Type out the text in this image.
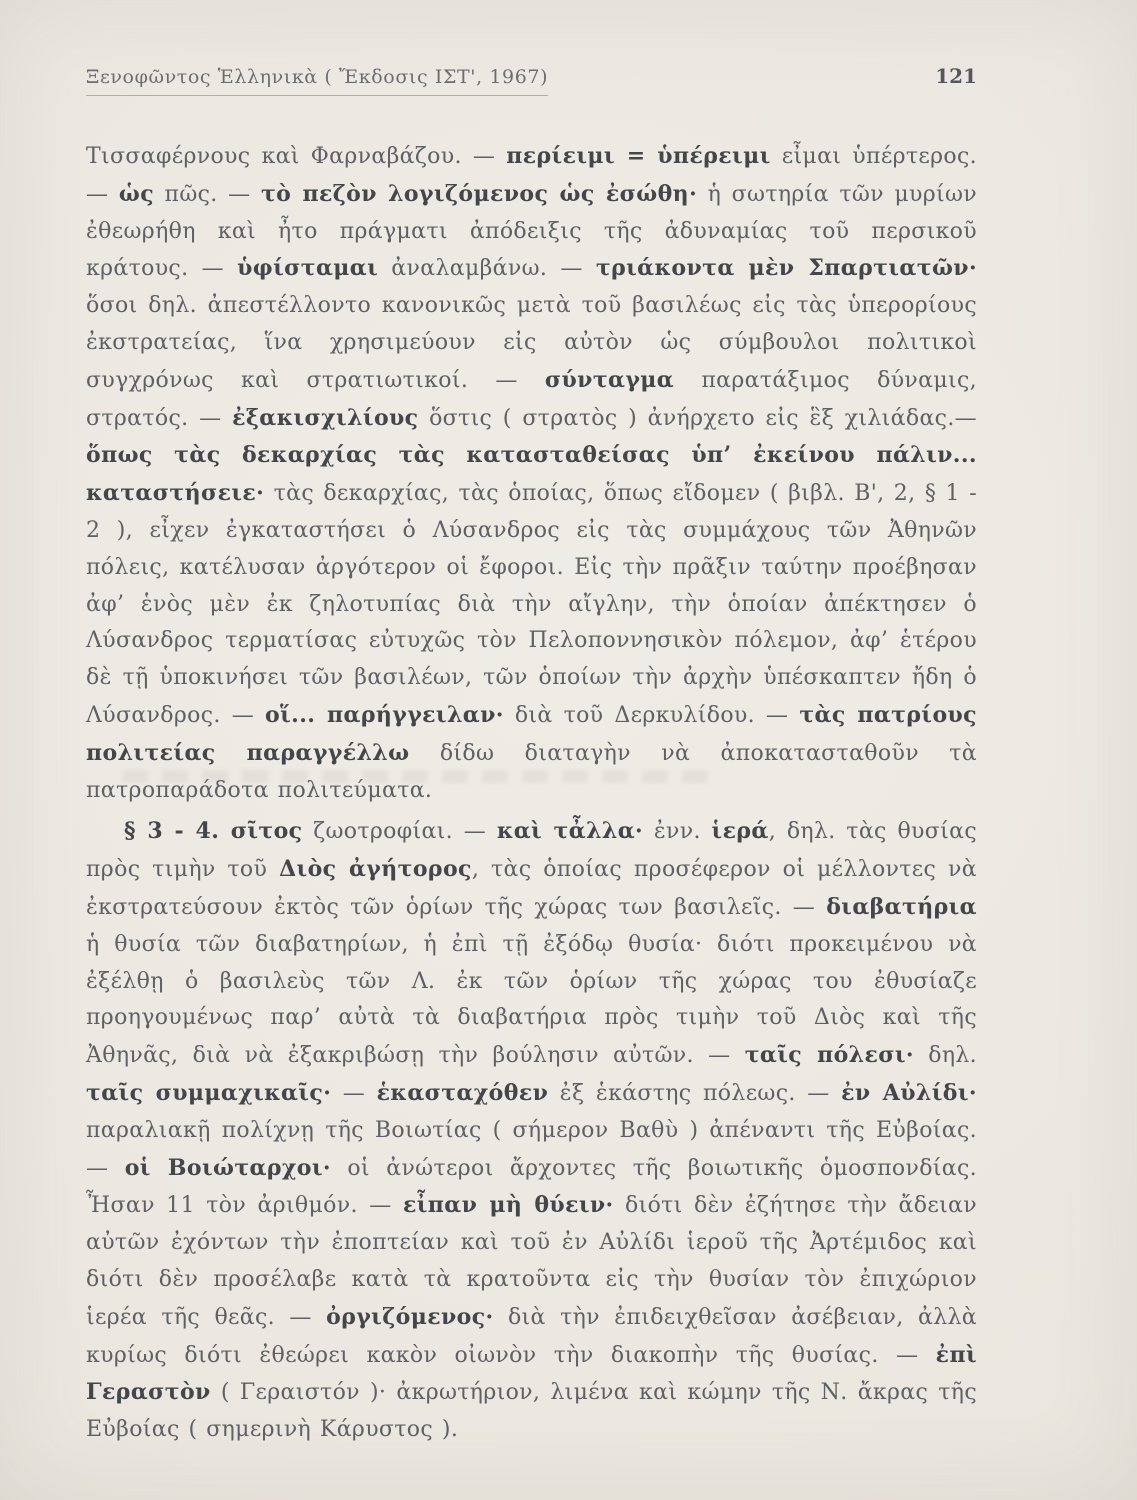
Ξενοφῶντος Ἑλληνικὰ ( Ἔκδοσις ΙΣΤ', 1967)	121

Τισσαφέρνους καὶ Φαρναβάζου. — περίειμι = ὑπέρειμι εἶμαι ὑπέρτερος. — ὡς πῶς. — τὸ πεζὸν λογιζόμενος ὡς ἐσώθη· ἡ σωτηρία τῶν μυρίων ἐθεωρήθη καὶ ἦτο πράγματι ἀπόδειξις τῆς ἀδυναμίας τοῦ περσικοῦ κράτους. — ὑφίσταμαι ἀναλαμβάνω. — τριάκοντα μὲν Σπαρτιατῶν· ὅσοι δηλ. ἀπεστέλλοντο κανονικῶς μετὰ τοῦ βασιλέως εἰς τὰς ὑπερορίους ἐκστρατείας, ἵνα χρησιμεύουν εἰς αὐτὸν ὡς σύμβουλοι πολιτικοὶ συγχρόνως καὶ στρατιωτικοί. — σύνταγμα παρατάξιμος δύναμις, στρατός. — ἐξακισχιλίους ὅστις ( στρατὸς ) ἀνήρχετο εἰς ἓξ χιλιάδας.— ὅπως τὰς δεκαρχίας τὰς κατασταθείσας ὑπ’ ἐκείνου πάλιν... καταστήσειε· τὰς δεκαρχίας, τὰς ὁποίας, ὅπως εἴδομεν ( βιβλ. Β', 2, § 1 - 2 ), εἶχεν ἐγκαταστήσει ὁ Λύσανδρος εἰς τὰς συμμάχους τῶν Ἀθηνῶν πόλεις, κατέλυσαν ἀργότερον οἱ ἔφοροι. Εἰς τὴν πρᾶξιν ταύτην προέβησαν ἀφ’ ἑνὸς μὲν ἐκ ζηλοτυπίας διὰ τὴν αἴγλην, τὴν ὁποίαν ἀπέκτησεν ὁ Λύσανδρος τερματίσας εὐτυχῶς τὸν Πελοποννησικὸν πόλεμον, ἀφ’ ἑτέρου δὲ τῇ ὑποκινήσει τῶν βασιλέων, τῶν ὁποίων τὴν ἀρχὴν ὑπέσκαπτεν ἤδη ὁ Λύσανδρος. — οἵ... παρήγγειλαν· διὰ τοῦ Δερκυλίδου. — τὰς πατρίους πολιτείας παραγγέλλω δίδω διαταγὴν νὰ ἀποκατασταθοῦν τὰ πατροπαράδοτα πολιτεύματα.

§ 3 - 4. σῖτος ζωοτροφίαι. — καὶ τἆλλα· ἐνν. ἱερά, δηλ. τὰς θυσίας πρὸς τιμὴν τοῦ Διὸς ἀγήτορος, τὰς ὁποίας προσέφερον οἱ μέλλοντες νὰ ἐκστρατεύσουν ἐκτὸς τῶν ὁρίων τῆς χώρας των βασιλεῖς. — διαβατήρια ἡ θυσία τῶν διαβατηρίων, ἡ ἐπὶ τῇ ἐξόδῳ θυσία· διότι προκειμένου νὰ ἐξέλθῃ ὁ βασιλεὺς τῶν Λ. ἐκ τῶν ὁρίων τῆς χώρας του ἐθυσίαζε προηγουμένως παρ’ αὐτὰ τὰ διαβατήρια πρὸς τιμὴν τοῦ Διὸς καὶ τῆς Ἀθηνᾶς, διὰ νὰ ἐξακριβώσῃ τὴν βούλησιν αὐτῶν. — ταῖς πόλεσι· δηλ. ταῖς συμμαχικαῖς· — ἑκασταχόθεν ἐξ ἑκάστης πόλεως. — ἐν Αὐλίδι· παραλιακῇ πολίχνῃ τῆς Βοιωτίας ( σήμερον Βαθὺ ) ἀπέναντι τῆς Εὐβοίας. — οἱ Βοιώταρχοι· οἱ ἀνώτεροι ἄρχοντες τῆς βοιωτικῆς ὁμοσπονδίας. Ἦσαν 11 τὸν ἀριθμόν. — εἶπαν μὴ θύειν· διότι δὲν ἐζήτησε τὴν ἄδειαν αὐτῶν ἐχόντων τὴν ἐποπτείαν καὶ τοῦ ἐν Αὐλίδι ἱεροῦ τῆς Ἀρτέμιδος καὶ διότι δὲν προσέλαβε κατὰ τὰ κρατοῦντα εἰς τὴν θυσίαν τὸν ἐπιχώριον ἱερέα τῆς θεᾶς. — ὀργιζόμενος· διὰ τὴν ἐπιδειχθεῖσαν ἀσέβειαν, ἀλλὰ κυρίως διότι ἐθεώρει κακὸν οἰωνὸν τὴν διακοπὴν τῆς θυσίας. — ἐπὶ Γεραστὸν ( Γεραιστόν )· ἀκρωτήριον, λιμένα καὶ κώμην τῆς Ν. ἄκρας τῆς Εὐβοίας ( σημερινὴ Κάρυστος ).
